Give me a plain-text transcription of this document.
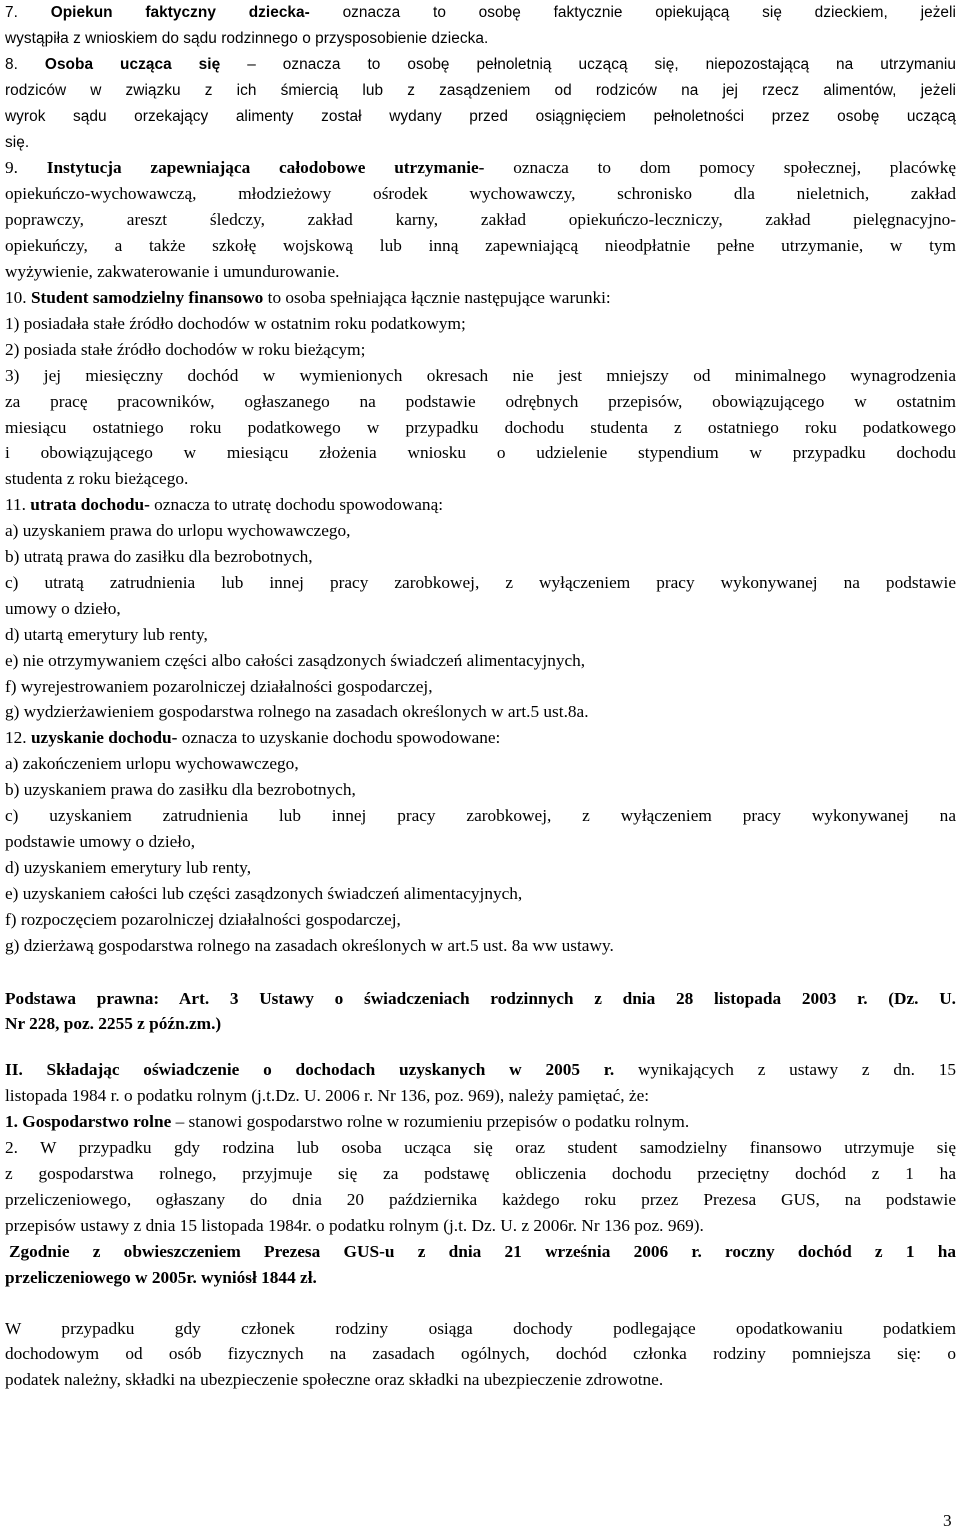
7. Opiekun faktyczny dziecka- oznacza to osobę faktycznie opiekującą się dzieckiem, jeżeli
wystąpiła z wnioskiem do sądu rodzinnego o przysposobienie dziecka.
8. Osoba ucząca się – oznacza to osobę pełnoletnią uczącą się, niepozostającą na utrzymaniu
rodziców w związku z ich śmiercią lub z zasądzeniem od rodziców na jej rzecz alimentów, jeżeli
wyrok sądu orzekający alimenty został wydany przed osiągnięciem pełnoletności przez osobę uczącą
się.
9. Instytucja zapewniająca całodobowe utrzymanie- oznacza to dom pomocy społecznej, placówkę
opiekuńczo-wychowawczą, młodzieżowy ośrodek wychowawczy, schronisko dla nieletnich, zakład
poprawczy, areszt śledczy, zakład karny, zakład opiekuńczo-leczniczy, zakład pielęgnacyjno-
opiekuńczy, a także szkołę wojskową lub inną zapewniającą nieodpłatnie pełne utrzymanie, w tym
wyżywienie, zakwaterowanie i umundurowanie.
10. Student samodzielny finansowo to osoba spełniająca łącznie następujące warunki:
1) posiadała stałe źródło dochodów w ostatnim roku podatkowym;
2) posiada stałe źródło dochodów w roku bieżącym;
3) jej miesięczny dochód w wymienionych okresach nie jest mniejszy od minimalnego wynagrodzenia
za pracę pracowników, ogłaszanego na podstawie odrębnych przepisów, obowiązującego w ostatnim
miesiącu ostatniego roku podatkowego w przypadku dochodu studenta z ostatniego roku podatkowego
i obowiązującego w miesiącu złożenia wniosku o udzielenie stypendium w przypadku dochodu
studenta z roku bieżącego.
11. utrata dochodu- oznacza to utratę dochodu spowodowaną:
a) uzyskaniem prawa do urlopu wychowawczego,
b) utratą prawa do zasiłku dla bezrobotnych,
c) utratą zatrudnienia lub innej pracy zarobkowej, z wyłączeniem pracy wykonywanej na podstawie
umowy o dzieło,
d) utartą emerytury lub renty,
e) nie otrzymywaniem części albo całości zasądzonych świadczeń alimentacyjnych,
f) wyrejestrowaniem pozarolniczej działalności gospodarczej,
g) wydzierżawieniem gospodarstwa rolnego na zasadach określonych w art.5 ust.8a.
12. uzyskanie dochodu- oznacza to uzyskanie dochodu spowodowane:
a) zakończeniem urlopu wychowawczego,
b) uzyskaniem prawa do zasiłku dla bezrobotnych,
c) uzyskaniem zatrudnienia lub innej pracy zarobkowej, z wyłączeniem pracy wykonywanej na
podstawie umowy o dzieło,
d) uzyskaniem emerytury lub renty,
e) uzyskaniem całości lub części zasądzonych świadczeń alimentacyjnych,
f) rozpoczęciem pozarolniczej działalności gospodarczej,
g) dzierżawą gospodarstwa rolnego na zasadach określonych w art.5 ust. 8a ww ustawy.
Podstawa prawna: Art. 3 Ustawy o świadczeniach rodzinnych z dnia 28 listopada 2003 r. (Dz. U.
Nr 228, poz. 2255 z późn.zm.)
II. Składając oświadczenie o dochodach uzyskanych w 2005 r. wynikających z ustawy z dn. 15
listopada 1984 r. o podatku rolnym (j.t.Dz. U. 2006 r. Nr 136, poz. 969), należy pamiętać, że:
1. Gospodarstwo rolne – stanowi gospodarstwo rolne w rozumieniu przepisów o podatku rolnym.
2. W przypadku gdy rodzina lub osoba ucząca się oraz student samodzielny finansowo utrzymuje się
z gospodarstwa rolnego, przyjmuje się za podstawę obliczenia dochodu przeciętny dochód z 1 ha
przeliczeniowego, ogłaszany do dnia 20 października każdego roku przez Prezesa GUS, na podstawie
przepisów ustawy z dnia 15 listopada 1984r. o podatku rolnym (j.t. Dz. U. z 2006r. Nr 136 poz. 969).
Zgodnie z obwieszczeniem Prezesa GUS-u z dnia 21 września 2006 r. roczny dochód z 1 ha
przeliczeniowego w 2005r. wyniósł 1844 zł.
W przypadku gdy członek rodziny osiąga dochody podlegające opodatkowaniu podatkiem
dochodowym od osób fizycznych na zasadach ogólnych, dochód członka rodziny pomniejsza się: o
podatek należny, składki na ubezpieczenie społeczne oraz składki na ubezpieczenie zdrowotne.
3
